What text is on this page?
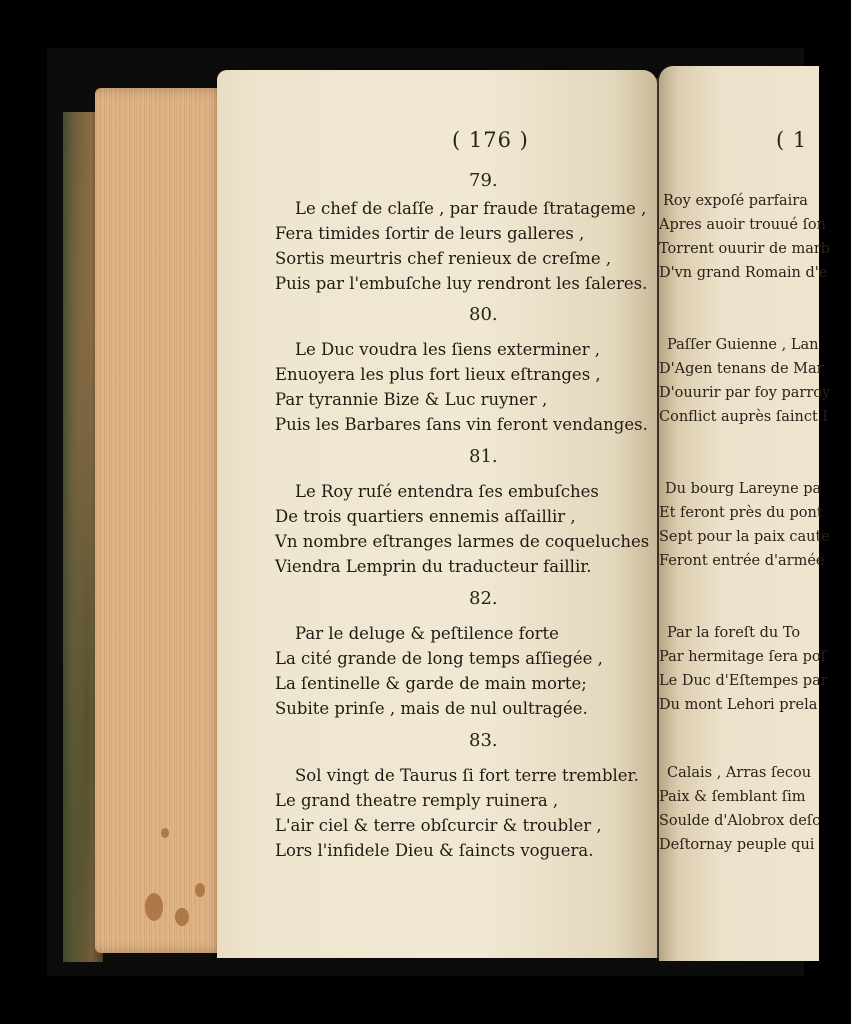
( 176 )
79.
Le chef de claſſe , par fraude ſtratageme ,
Fera timides ſortir de leurs galleres ,
Sortis meurtris chef renieux de creſme ,
Puis par l'embuſche luy rendront les ſaleres.
80.
Le Duc voudra les ſiens exterminer ,
Enuoyera les plus fort lieux eſtranges ,
Par tyrannie Bize & Luc ruyner ,
Puis les Barbares ſans vin feront vendanges.
81.
Le Roy ruſé entendra ſes embuſches
De trois quartiers ennemis aſſaillir ,
Vn nombre eſtranges larmes de coqueluches
Viendra Lemprin du traducteur faillir.
82.
Par le deluge & peſtilence forte
La cité grande de long temps aſſiegée ,
La ſentinelle & garde de main morte;
Subite prinſe , mais de nul oultragée.
83.
Sol vingt de Taurus ſi fort terre trembler.
Le grand theatre remply ruinera ,
L'air ciel & terre obſcurcir & troubler ,
Lors l'infidele Dieu & ſaincts voguera.
( 1
Roy expoſé parfaira
Apres auoir trouué ſon
Torrent ouurir de marb
D'vn grand Romain d'e
Paſſer Guienne , Lan
D'Agen tenans de Mar
D'ouurir par foy parroy
Conflict auprès ſainct I
Du bourg Lareyne pa
Et feront près du pont
Sept pour la paix caute
Feront entrée d'armée
Par la foreſt du To
Par hermitage ſera poſ
Le Duc d'Eſtempes par
Du mont Lehori prela
Calais , Arras ſecou
Paix & ſemblant ſim
Soulde d'Alobrox deſc
Deſtornay peuple qui
